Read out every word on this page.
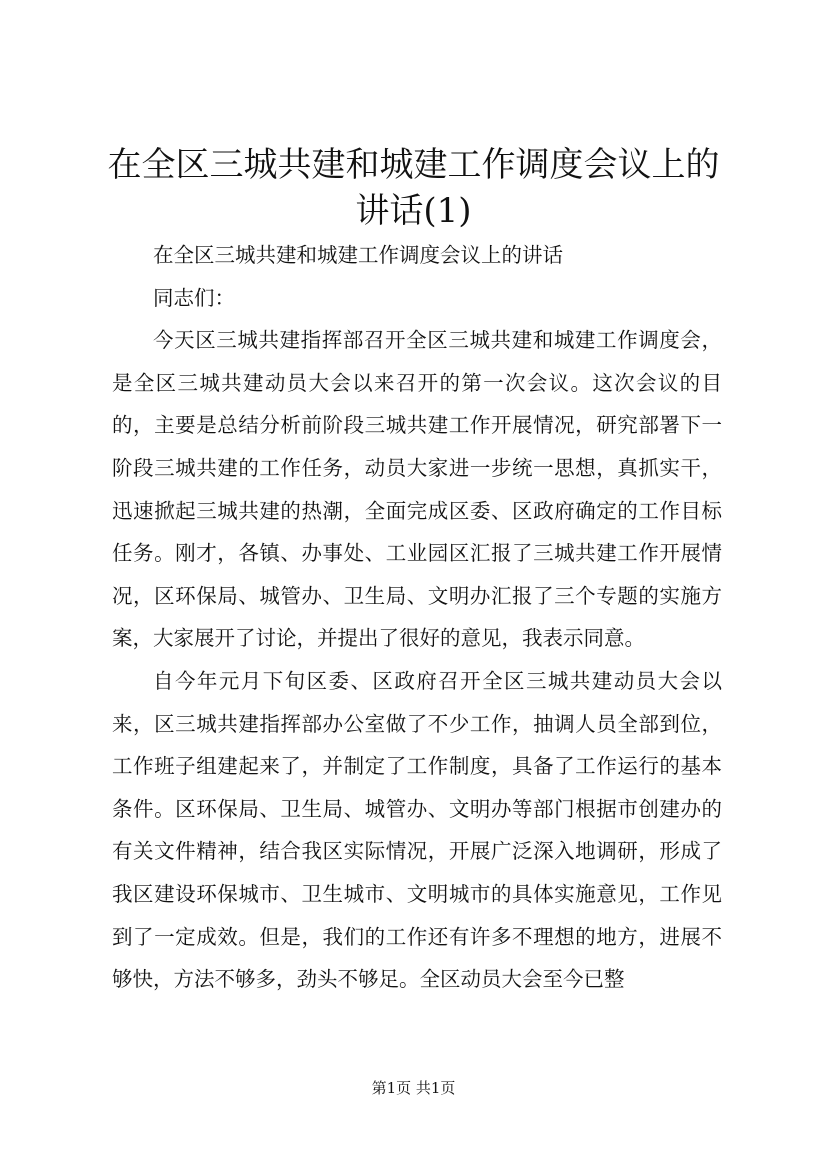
在全区三城共建和城建工作调度会议上的讲话(1)

在全区三城共建和城建工作调度会议上的讲话

同志们：

今天区三城共建指挥部召开全区三城共建和城建工作调度会，是全区三城共建动员大会以来召开的第一次会议。这次会议的目的，主要是总结分析前阶段三城共建工作开展情况，研究部署下一阶段三城共建的工作任务，动员大家进一步统一思想，真抓实干，迅速掀起三城共建的热潮，全面完成区委、区政府确定的工作目标任务。刚才，各镇、办事处、工业园区汇报了三城共建工作开展情况，区环保局、城管办、卫生局、文明办汇报了三个专题的实施方案，大家展开了讨论，并提出了很好的意见，我表示同意。

自今年元月下旬区委、区政府召开全区三城共建动员大会以来，区三城共建指挥部办公室做了不少工作，抽调人员全部到位，工作班子组建起来了，并制定了工作制度，具备了工作运行的基本条件。区环保局、卫生局、城管办、文明办等部门根据市创建办的有关文件精神，结合我区实际情况，开展广泛深入地调研，形成了我区建设环保城市、卫生城市、文明城市的具体实施意见，工作见到了一定成效。但是，我们的工作还有许多不理想的地方，进展不够快，方法不够多，劲头不够足。全区动员大会至今已整

第1页 共1页
